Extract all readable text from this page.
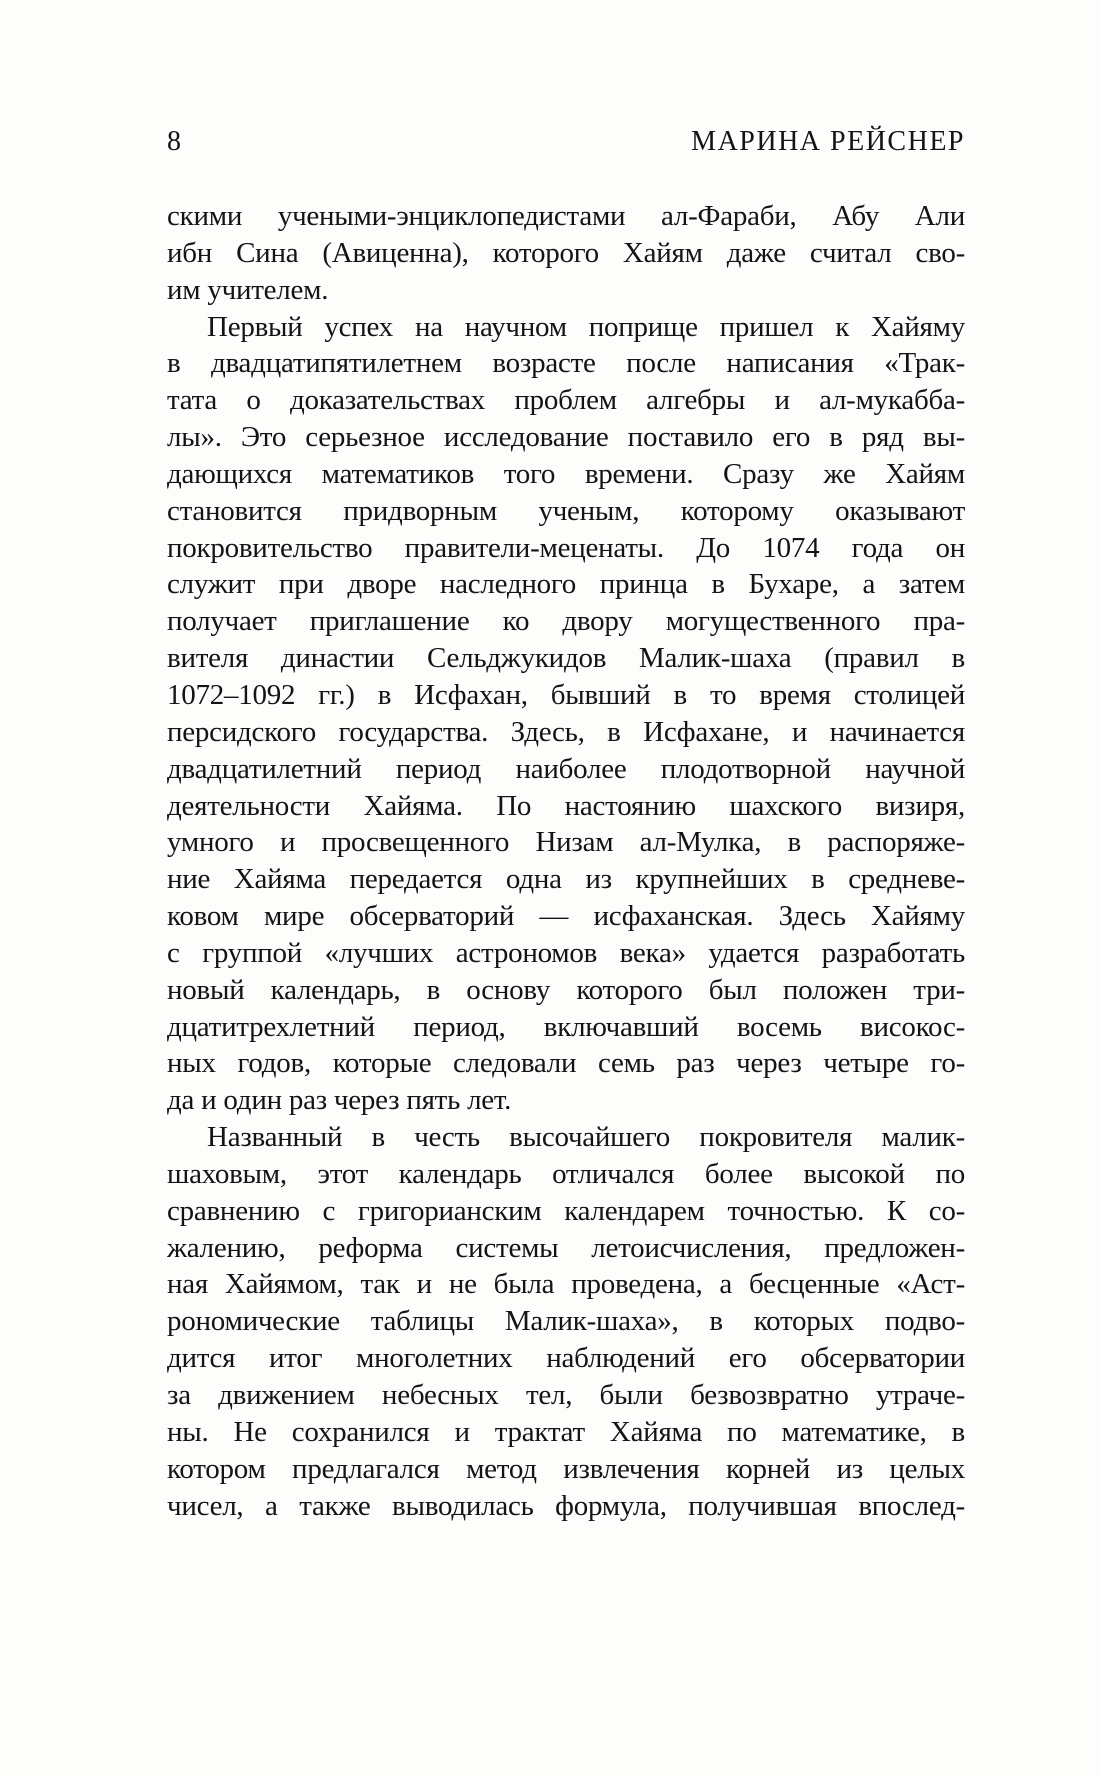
8	МАРИНА РЕЙСНЕР
скими учеными-энциклопедистами ал-Фараби, Абу Али
ибн Сина (Авиценна), которого Хайям даже считал сво-
им учителем.
Первый успех на научном поприще пришел к Хайяму
в двадцатипятилетнем возрасте после написания «Трак-
тата о доказательствах проблем алгебры и ал-мукабба-
лы». Это серьезное исследование поставило его в ряд вы-
дающихся математиков того времени. Сразу же Хайям
становится придворным ученым, которому оказывают
покровительство правители-меценаты. До 1074 года он
служит при дворе наследного принца в Бухаре, а затем
получает приглашение ко двору могущественного пра-
вителя династии Сельджукидов Малик-шаха (правил в
1072–1092 гг.) в Исфахан, бывший в то время столицей
персидского государства. Здесь, в Исфахане, и начинается
двадцатилетний период наиболее плодотворной научной
деятельности Хайяма. По настоянию шахского визиря,
умного и просвещенного Низам ал-Мулка, в распоряже-
ние Хайяма передается одна из крупнейших в средневе-
ковом мире обсерваторий — исфаханская. Здесь Хайяму
с группой «лучших астрономов века» удается разработать
новый календарь, в основу которого был положен три-
дцатитрехлетний период, включавший восемь високос-
ных годов, которые следовали семь раз через четыре го-
да и один раз через пять лет.
Названный в честь высочайшего покровителя малик-
шаховым, этот календарь отличался более высокой по
сравнению с григорианским календарем точностью. К со-
жалению, реформа системы летоисчисления, предложен-
ная Хайямом, так и не была проведена, а бесценные «Аст-
рономические таблицы Малик-шаха», в которых подво-
дится итог многолетних наблюдений его обсерватории
за движением небесных тел, были безвозвратно утраче-
ны. Не сохранился и трактат Хайяма по математике, в
котором предлагался метод извлечения корней из целых
чисел, а также выводилась формула, получившая впослед-
